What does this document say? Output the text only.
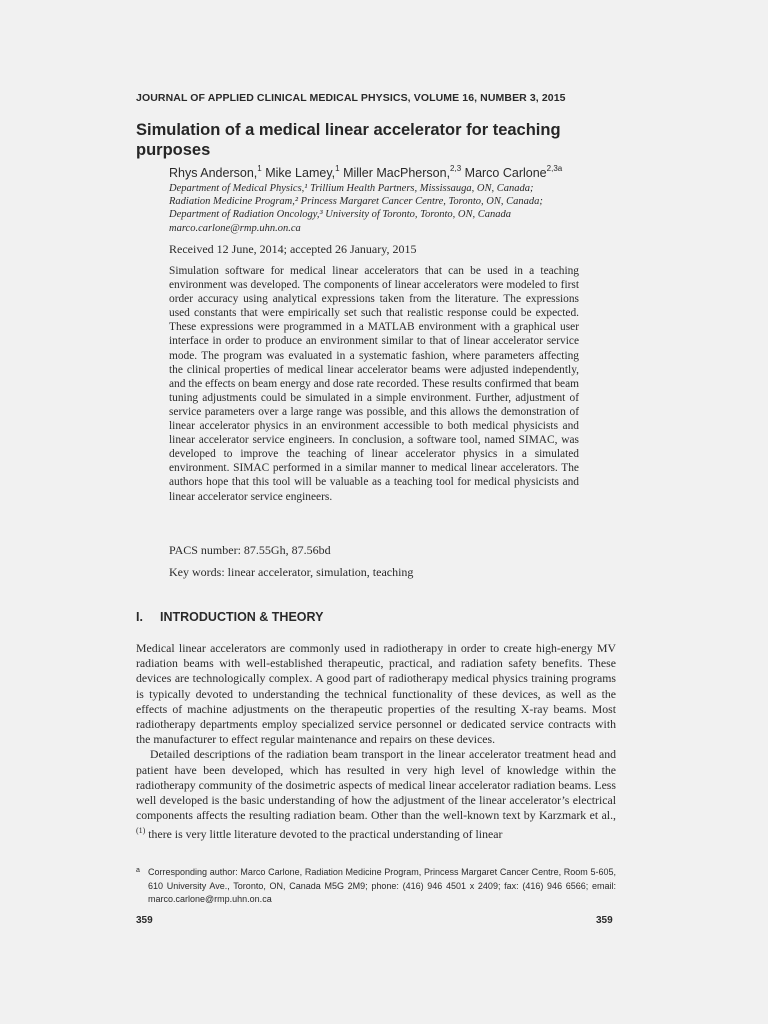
JOURNAL OF APPLIED CLINICAL MEDICAL PHYSICS, VOLUME 16, NUMBER 3, 2015
Simulation of a medical linear accelerator for teaching purposes
Rhys Anderson,$^1$ Mike Lamey,$^1$ Miller MacPherson,$^{2,3}$ Marco Carlone$^{2,3a}$
Department of Medical Physics,¹ Trillium Health Partners, Mississauga, ON, Canada;
Radiation Medicine Program,² Princess Margaret Cancer Centre, Toronto, ON, Canada;
Department of Radiation Oncology,³ University of Toronto, Toronto, ON, Canada
marco.carlone@rmp.uhn.on.ca
Received 12 June, 2014; accepted 26 January, 2015
Simulation software for medical linear accelerators that can be used in a teaching environment was developed. The components of linear accelerators were modeled to first order accuracy using analytical expressions taken from the literature. The expressions used constants that were empirically set such that realistic response could be expected. These expressions were programmed in a MATLAB environment with a graphical user interface in order to produce an environment similar to that of linear accelerator service mode. The program was evaluated in a systematic fashion, where parameters affecting the clinical properties of medical linear accelerator beams were adjusted independently, and the effects on beam energy and dose rate recorded. These results confirmed that beam tuning adjustments could be simulated in a simple environment. Further, adjustment of service parameters over a large range was possible, and this allows the demonstration of linear accelerator physics in an environment accessible to both medical physicists and linear accelerator service engineers. In conclusion, a software tool, named SIMAC, was developed to improve the teaching of linear accelerator physics in a simulated environment. SIMAC performed in a similar manner to medical linear accelerators. The authors hope that this tool will be valuable as a teaching tool for medical physicists and linear accelerator service engineers.
PACS number: 87.55Gh, 87.56bd
Key words: linear accelerator, simulation, teaching
I. INTRODUCTION & THEORY

Medical linear accelerators are commonly used in radiotherapy in order to create high-energy MV radiation beams with well-established therapeutic, practical, and radiation safety benefits. These devices are technologically complex. A good part of radiotherapy medical physics training programs is typically devoted to understanding the technical functionality of these devices, as well as the effects of machine adjustments on the therapeutic properties of the resulting X-ray beams. Most radiotherapy departments employ specialized service personnel or dedicated service contracts with the manufacturer to effect regular maintenance and repairs on these devices.

Detailed descriptions of the radiation beam transport in the linear accelerator treatment head and patient have been developed, which has resulted in very high level of knowledge within the radiotherapy community of the dosimetric aspects of medical linear accelerator radiation beams. Less well developed is the basic understanding of how the adjustment of the linear accelerator’s electrical components affects the resulting radiation beam. Other than the well-known text by Karzmark et al.,$^{(1)}$ there is very little literature devoted to the practical understanding of linear

a Corresponding author: Marco Carlone, Radiation Medicine Program, Princess Margaret Cancer Centre, Room 5-605, 610 University Ave., Toronto, ON, Canada M5G 2M9; phone: (416) 946 4501 x 2409; fax: (416) 946 6566; email: marco.carlone@rmp.uhn.on.ca
359	359
